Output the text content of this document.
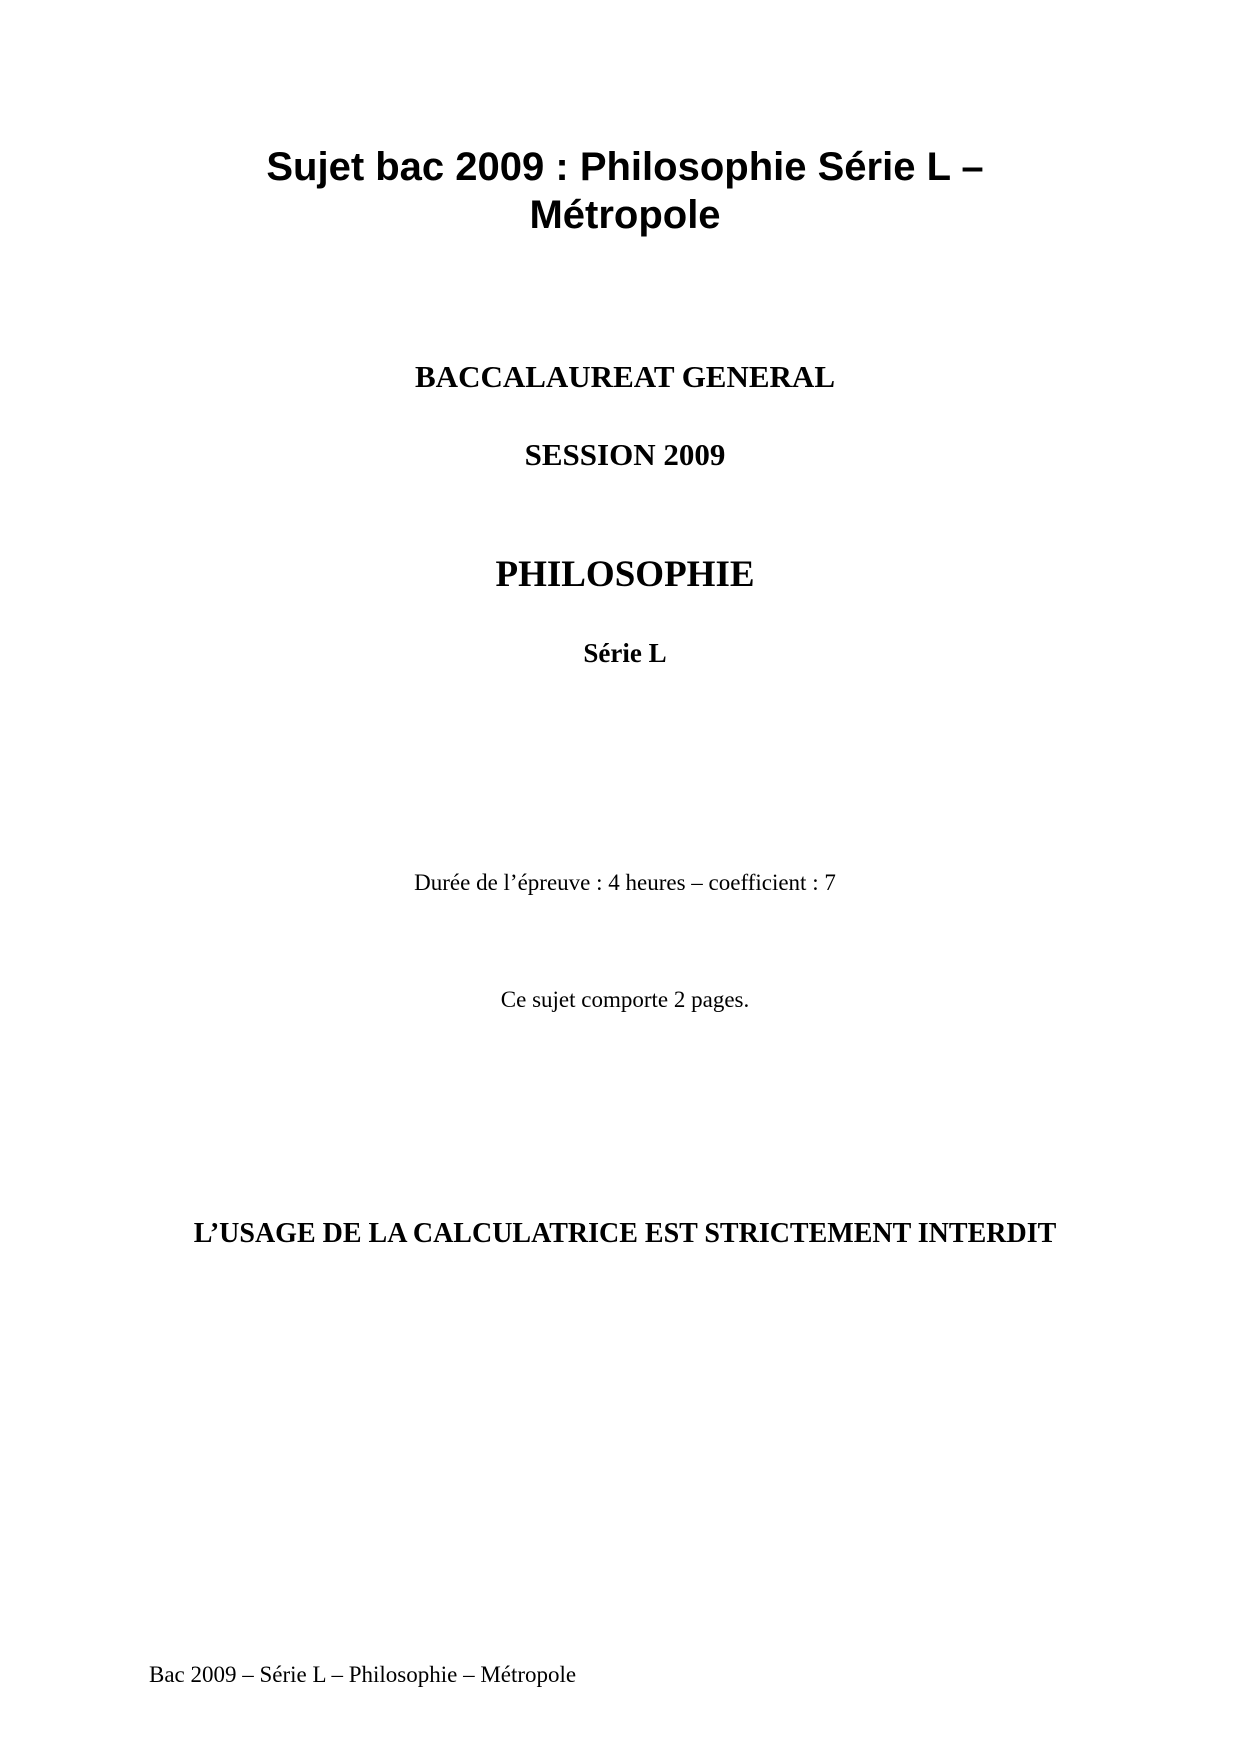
Sujet bac 2009 : Philosophie Série L –
Métropole

BACCALAUREAT GENERAL

SESSION 2009

PHILOSOPHIE

Série L

Durée de l’épreuve : 4 heures – coefficient : 7

Ce sujet comporte 2 pages.

L’USAGE DE LA CALCULATRICE EST STRICTEMENT INTERDIT

Bac 2009 – Série L – Philosophie – Métropole
